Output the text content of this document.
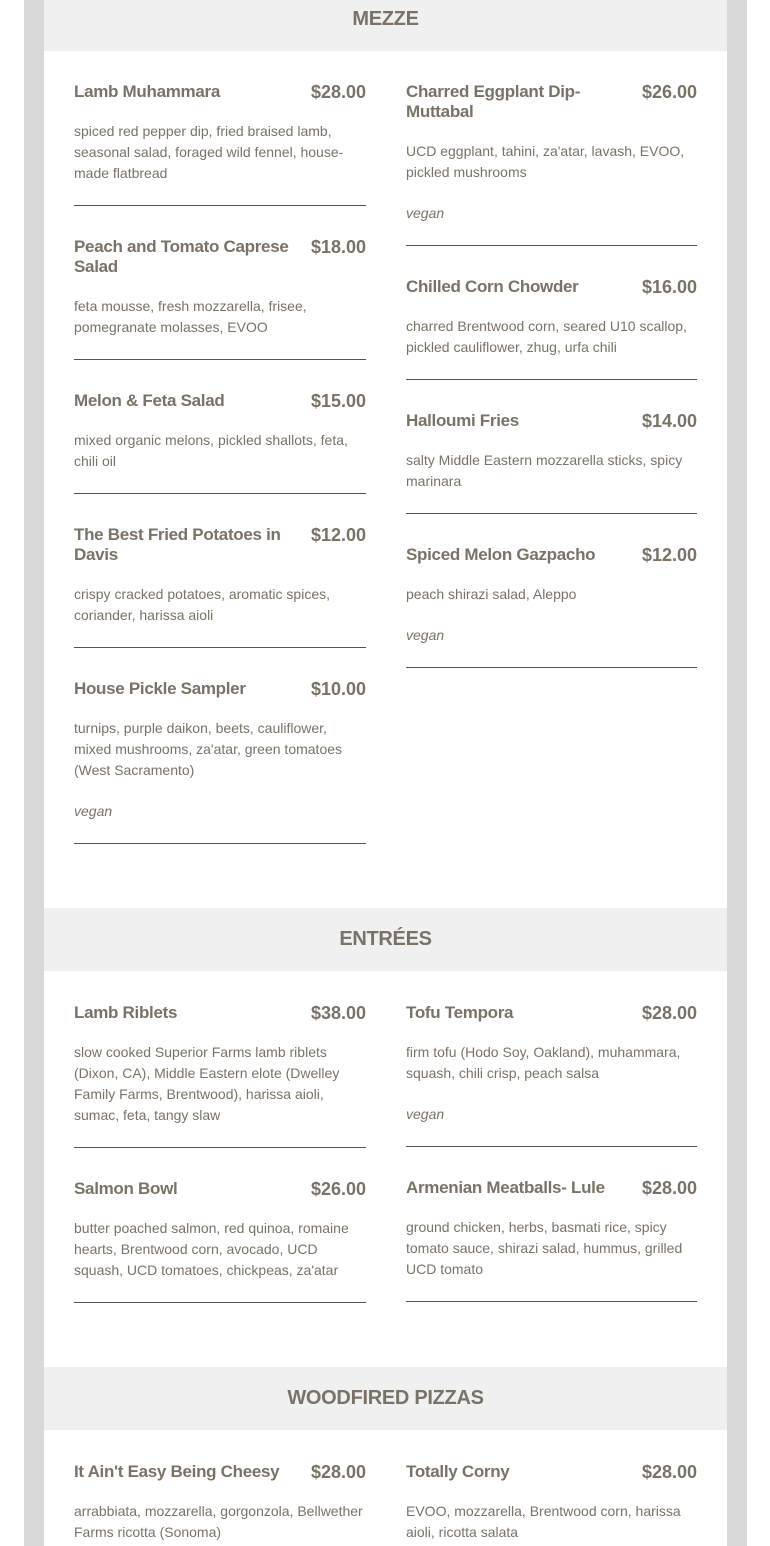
MEZZE
Lamb Muhammara	$28.00
spiced red pepper dip, fried braised lamb, seasonal salad, foraged wild fennel, house-made flatbread
Peach and Tomato Caprese Salad
$18.00
feta mousse, fresh mozzarella, frisee, pomegranate molasses, EVOO
Melon & Feta Salad	$15.00
mixed organic melons, pickled shallots, feta, chili oil
The Best Fried Potatoes in Davis
$12.00
crispy cracked potatoes, aromatic spices, coriander, harissa aioli
House Pickle Sampler	$10.00
turnips, purple daikon, beets, cauliflower, mixed mushrooms, za'atar, green tomatoes (West Sacramento)
vegan
Charred Eggplant Dip- Muttabal
$26.00
UCD eggplant, tahini, za'atar, lavash, EVOO, pickled mushrooms
vegan
Chilled Corn Chowder	$16.00
charred Brentwood corn, seared U10 scallop, pickled cauliflower, zhug, urfa chili
Halloumi Fries	$14.00
salty Middle Eastern mozzarella sticks, spicy marinara
Spiced Melon Gazpacho	$12.00
peach shirazi salad, Aleppo
vegan
ENTRÉES
Lamb Riblets	$38.00
slow cooked Superior Farms lamb riblets (Dixon, CA), Middle Eastern elote (Dwelley Family Farms, Brentwood), harissa aioli, sumac, feta, tangy slaw
Salmon Bowl	$26.00
butter poached salmon, red quinoa, romaine hearts, Brentwood corn, avocado, UCD squash, UCD tomatoes, chickpeas, za'atar
Tofu Tempora	$28.00
firm tofu (Hodo Soy, Oakland), muhammara, squash, chili crisp, peach salsa
vegan
Armenian Meatballs- Lule	$28.00
ground chicken, herbs, basmati rice, spicy tomato sauce, shirazi salad, hummus, grilled UCD tomato
WOODFIRED PIZZAS
It Ain't Easy Being Cheesy	$28.00
arrabbiata, mozzarella, gorgonzola, Bellwether Farms ricotta (Sonoma)
Totally Corny	$28.00
EVOO, mozzarella, Brentwood corn, harissa aioli, ricotta salata
